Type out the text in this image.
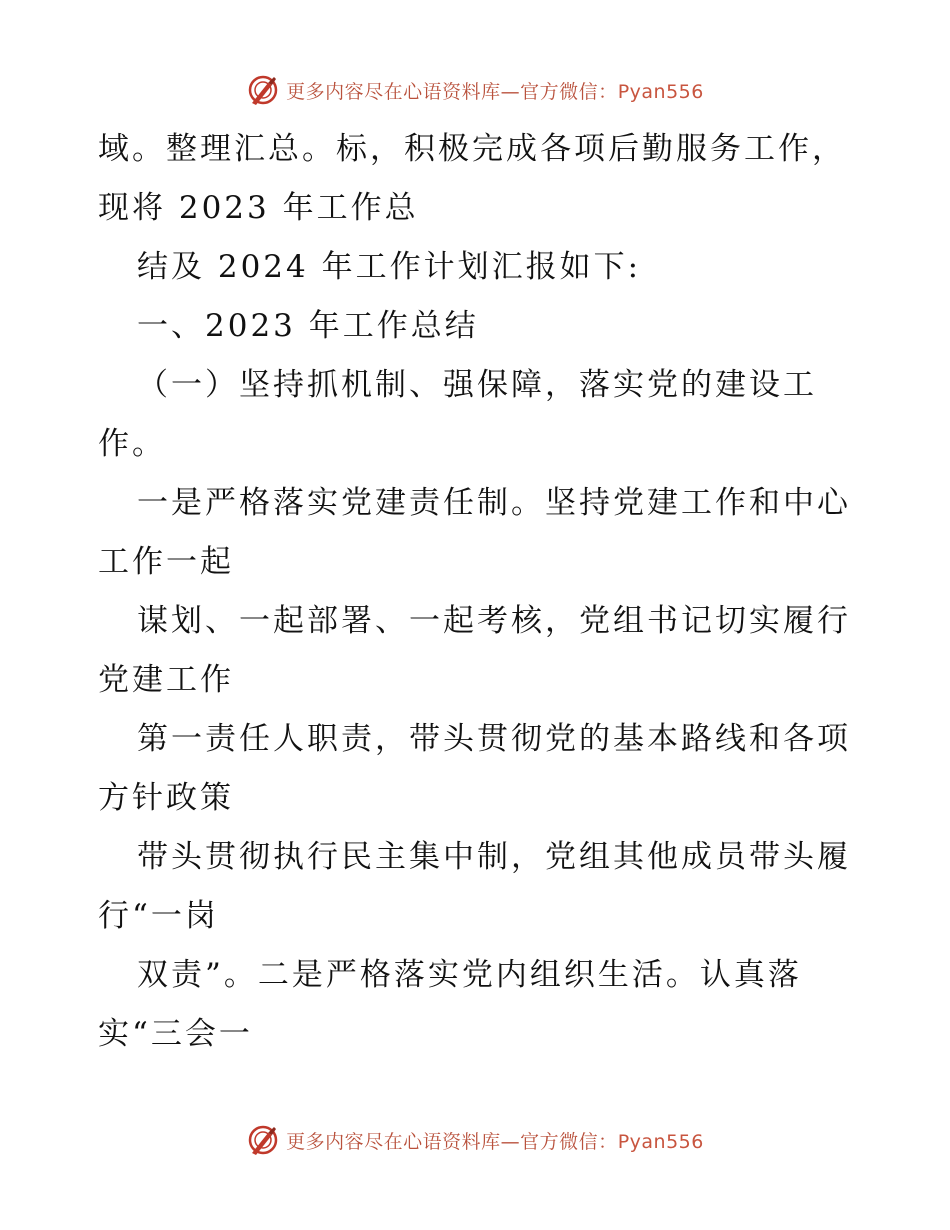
更多内容尽在心语资料库—官方微信：Pyan556
域。整理汇总。标，积极完成各项后勤服务工作，
现将 2023 年工作总
结及 2024 年工作计划汇报如下:
一、2023 年工作总结
（一）坚持抓机制、强保障，落实党的建设工
作。
一是严格落实党建责任制。坚持党建工作和中心
工作一起
谋划、一起部署、一起考核，党组书记切实履行
党建工作
第一责任人职责，带头贯彻党的基本路线和各项
方针政策
带头贯彻执行民主集中制，党组其他成员带头履
行“一岗
双责”。二是严格落实党内组织生活。认真落
实“三会一
更多内容尽在心语资料库—官方微信：Pyan556
